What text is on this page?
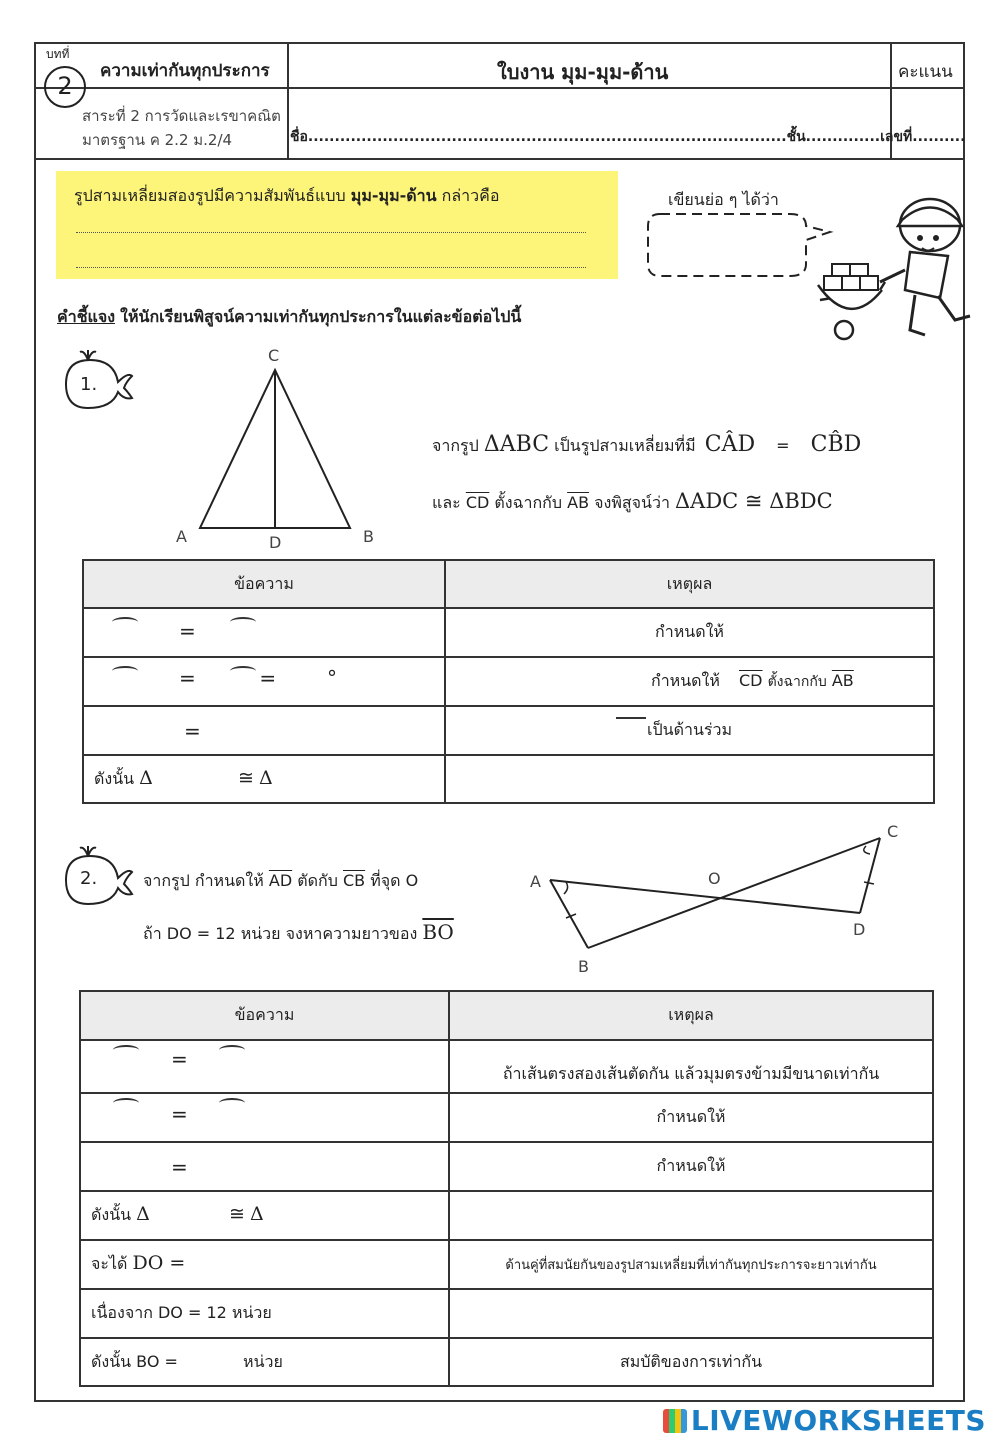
บทที่
2
ความเท่ากันทุกประการ	ใบงาน มุม-มุม-ด้าน	คะแนน
สาระที่ 2 การวัดและเรขาคณิต
มาตรฐาน ค 2.2 ม.2/4	ชื่อ..........................................................................................ชั้น..............เลขที่..........
รูปสามเหลี่ยมสองรูปมีความสัมพันธ์แบบ มุม-มุม-ด้าน กล่าวคือ	เขียนย่อ ๆ ได้ว่า
คำชี้แจง ให้นักเรียนพิสูจน์ความเท่ากันทุกประการในแต่ละข้อต่อไปนี้
1.
C
A	D	B
จากรูป ΔABC เป็นรูปสามเหลี่ยมที่มี CÂD = CB̂D
และ $\overline{CD}$ ตั้งฉากกับ $\overline{AB}$ จงพิสูจน์ว่า ΔADC ≅ ΔBDC
ข้อความ	เหตุผล

=	กำหนดให้

=          =        °	กำหนดให้ $\overline{CD}$ ตั้งฉากกับ $\overline{AB}$

=	เป็นด้านร่วม
ดังนั้น Δ ≅ Δ	
2.	จากรูป กำหนดให้ $\overline{AD}$ ตัดกับ $\overline{CB}$ ที่จุด O
ถ้า DO = 12 หน่วย จงหาความยาวของ $\overline{BO}$
A
B
O
C
D
ข้อความ	เหตุผล

=	ถ้าเส้นตรงสองเส้นตัดกัน แล้วมุมตรงข้ามมีขนาดเท่ากัน

=	กำหนดให้

=	กำหนดให้
ดังนั้น Δ ≅ Δ	
จะได้ DO =	ด้านคู่ที่สมนัยกันของรูปสามเหลี่ยมที่เท่ากันทุกประการจะยาวเท่ากัน
เนื่องจาก DO = 12 หน่วย	
ดังนั้น BO = หน่วย	สมบัติของการเท่ากัน
LIVEWORKSHEETS
